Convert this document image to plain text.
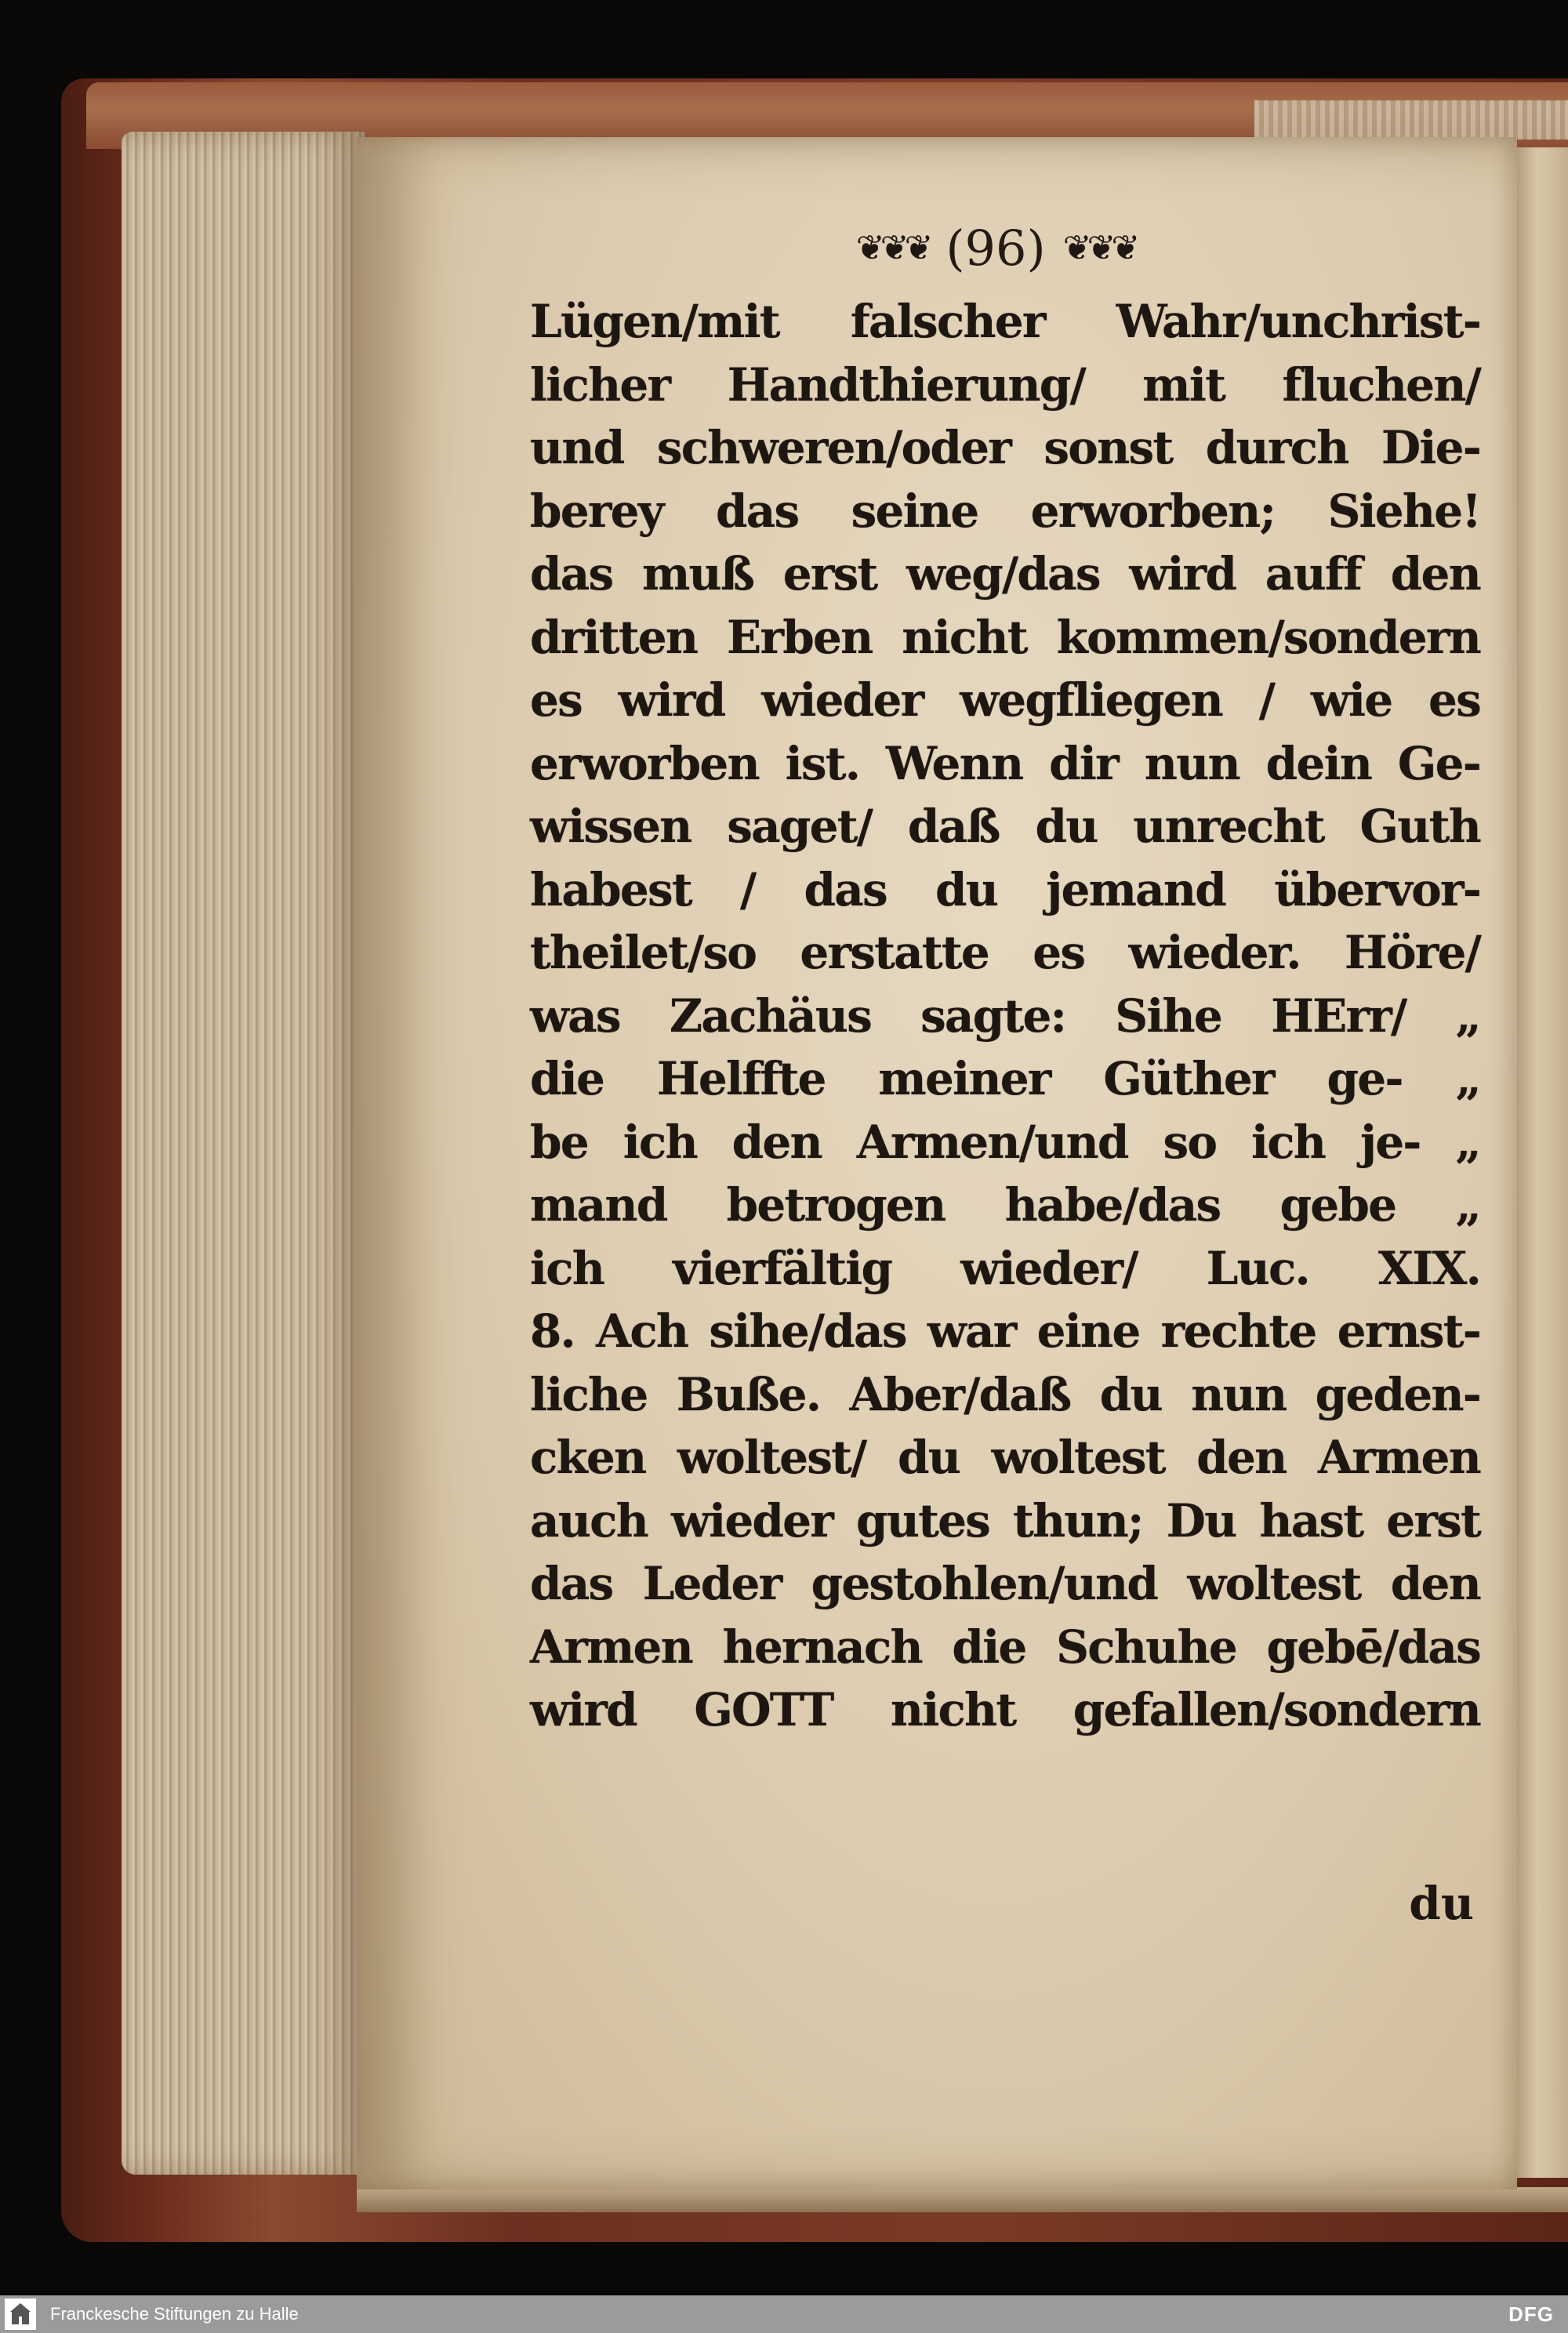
❦❦❦ (96) ❦❦❦
Lügen/mit falscher Wahr/unchrist-
licher Handthierung/ mit fluchen/
und schweren/oder sonst durch Die-
berey das seine erworben; Siehe!
das muß erst weg/das wird auff den
dritten Erben nicht kommen/sondern
es wird wieder wegfliegen / wie es
erworben ist. Wenn dir nun dein Ge-
wissen saget/ daß du unrecht Guth
habest / das du jemand übervor-
theilet/so erstatte es wieder. Höre/
was Zachäus sagte: Sihe HErr/ „
die Helffte meiner Güther ge- „
be ich den Armen/und so ich je- „
mand betrogen habe/das gebe „
ich vierfältig wieder/ Luc. XIX.
8. Ach sihe/das war eine rechte ernst-
liche Buße. Aber/daß du nun geden-
cken woltest/ du woltest den Armen
auch wieder gutes thun; Du hast erst
das Leder gestohlen/und woltest den
Armen hernach die Schuhe gebē/das
wird GOTT nicht gefallen/sondern
du
Franckesche Stiftungen zu Halle	DFG
